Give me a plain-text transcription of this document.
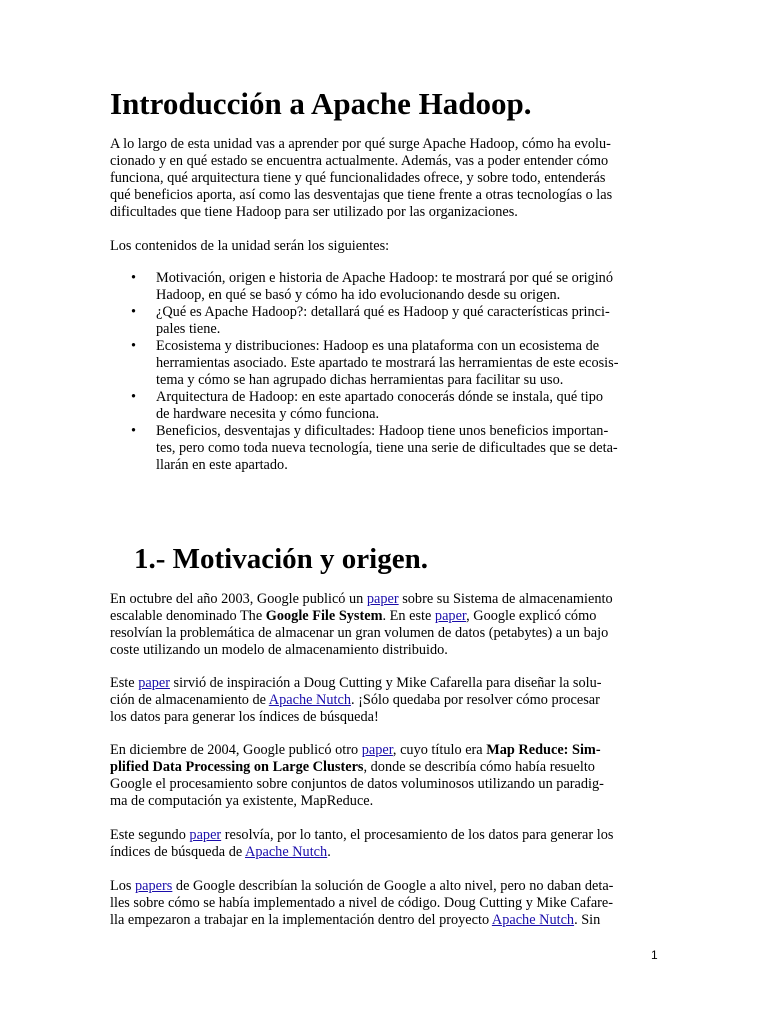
Introducción a Apache Hadoop.
A lo largo de esta unidad vas a aprender por qué surge Apache Hadoop, cómo ha evolu-
cionado y en qué estado se encuentra actualmente. Además, vas a poder entender cómo
funciona, qué arquitectura tiene y qué funcionalidades ofrece, y sobre todo, entenderás
qué beneficios aporta, así como las desventajas que tiene frente a otras tecnologías o las
dificultades que tiene Hadoop para ser utilizado por las organizaciones.
Los contenidos de la unidad serán los siguientes:
• Motivación, origen e historia de Apache Hadoop: te mostrará por qué se originó
Hadoop, en qué se basó y cómo ha ido evolucionando desde su origen.
• ¿Qué es Apache Hadoop?: detallará qué es Hadoop y qué características princi-
pales tiene.
• Ecosistema y distribuciones: Hadoop es una plataforma con un ecosistema de
herramientas asociado. Este apartado te mostrará las herramientas de este ecosis-
tema y cómo se han agrupado dichas herramientas para facilitar su uso.
• Arquitectura de Hadoop: en este apartado conocerás dónde se instala, qué tipo
de hardware necesita y cómo funciona.
• Beneficios, desventajas y dificultades: Hadoop tiene unos beneficios importan-
tes, pero como toda nueva tecnología, tiene una serie de dificultades que se deta-
llarán en este apartado.
1.- Motivación y origen.
En octubre del año 2003, Google publicó un paper sobre su Sistema de almacenamiento
escalable denominado The Google File System. En este paper, Google explicó cómo
resolvían la problemática de almacenar un gran volumen de datos (petabytes) a un bajo
coste utilizando un modelo de almacenamiento distribuido.
Este paper sirvió de inspiración a Doug Cutting y Mike Cafarella para diseñar la solu-
ción de almacenamiento de Apache Nutch. ¡Sólo quedaba por resolver cómo procesar
los datos para generar los índices de búsqueda!
En diciembre de 2004, Google publicó otro paper, cuyo título era Map Reduce: Sim-
plified Data Processing on Large Clusters, donde se describía cómo había resuelto
Google el procesamiento sobre conjuntos de datos voluminosos utilizando un paradig-
ma de computación ya existente, MapReduce.
Este segundo paper resolvía, por lo tanto, el procesamiento de los datos para generar los
índices de búsqueda de Apache Nutch.
Los papers de Google describían la solución de Google a alto nivel, pero no daban deta-
lles sobre cómo se había implementado a nivel de código. Doug Cutting y Mike Cafare-
lla empezaron a trabajar en la implementación dentro del proyecto Apache Nutch. Sin
1
